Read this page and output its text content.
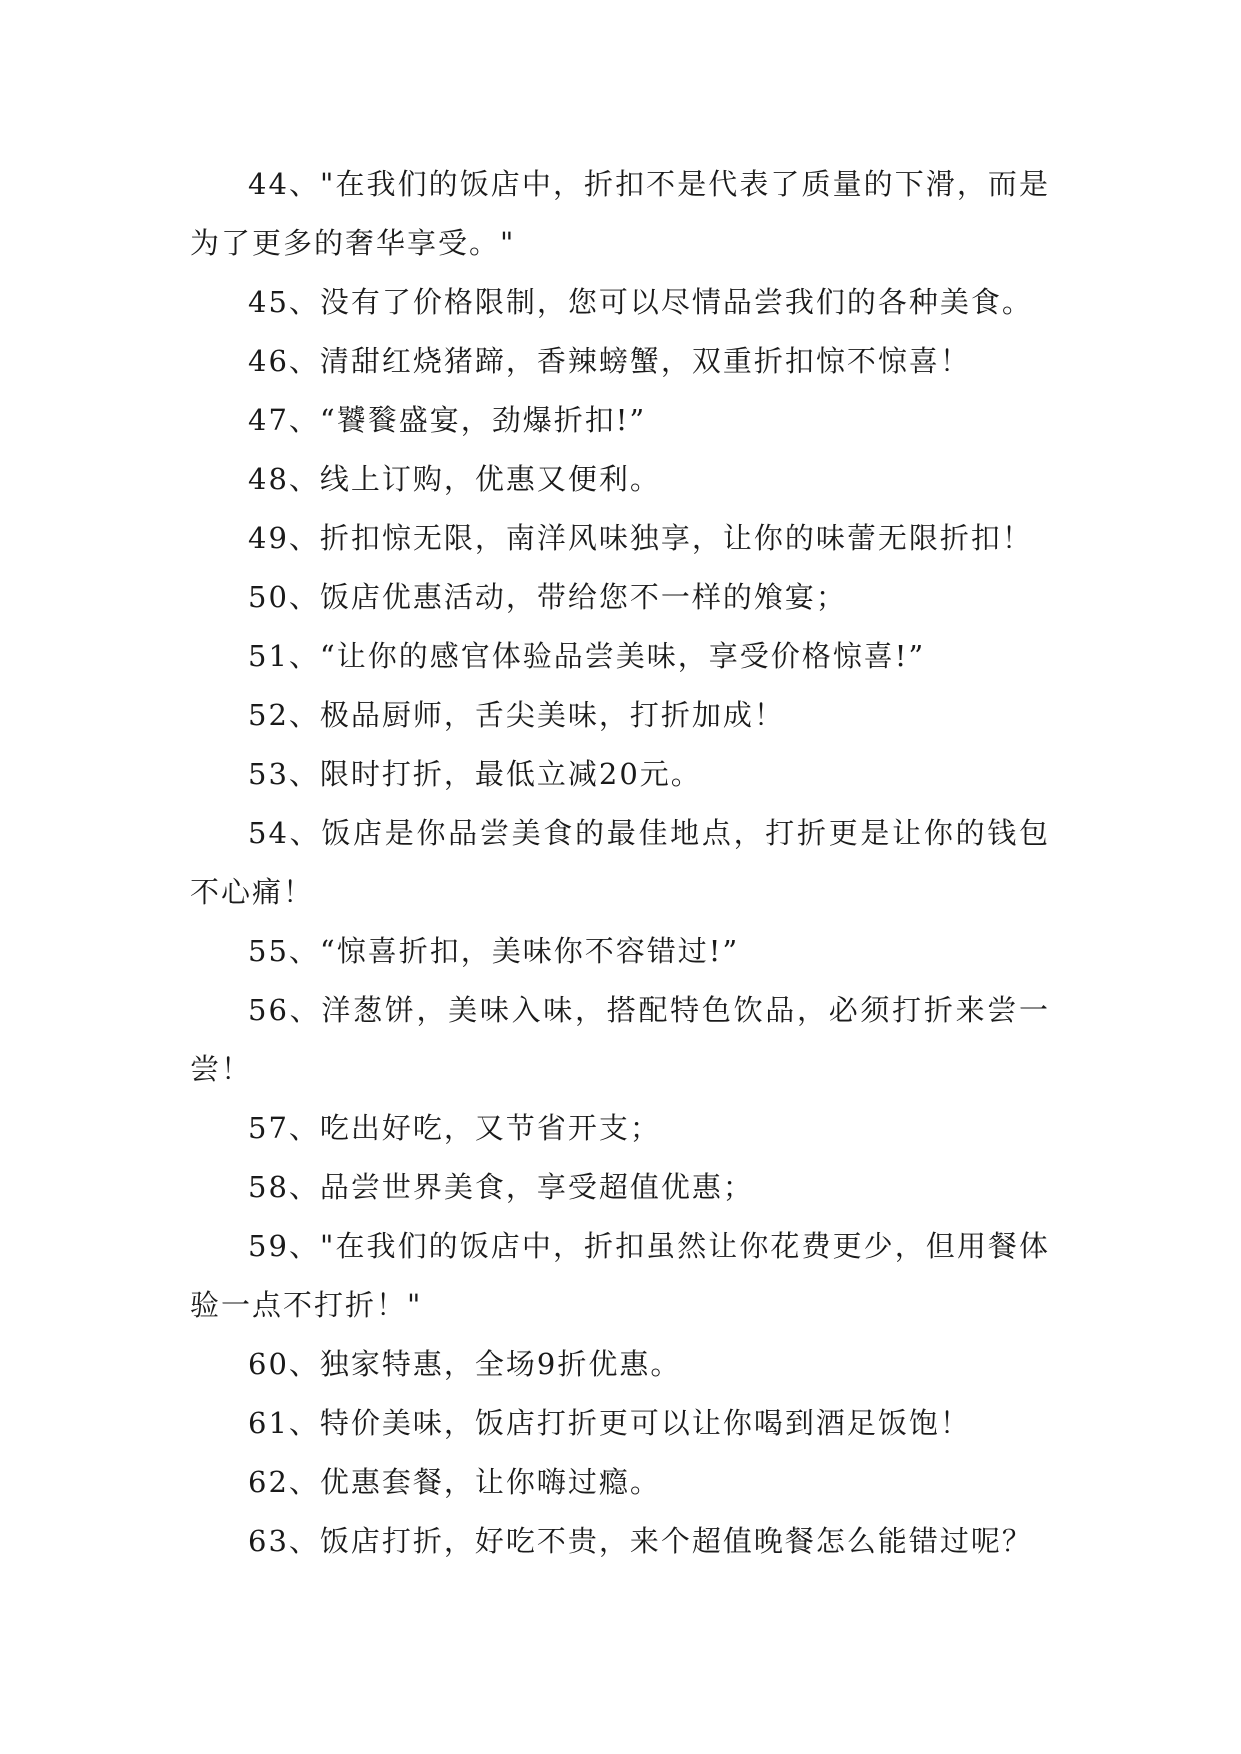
44、"在我们的饭店中，折扣不是代表了质量的下滑，而是为了更多的奢华享受。"

45、没有了价格限制，您可以尽情品尝我们的各种美食。

46、清甜红烧猪蹄，香辣螃蟹，双重折扣惊不惊喜！

47、“饕餮盛宴，劲爆折扣!”

48、线上订购，优惠又便利。

49、折扣惊无限，南洋风味独享，让你的味蕾无限折扣！

50、饭店优惠活动，带给您不一样的飧宴；

51、“让你的感官体验品尝美味，享受价格惊喜!”

52、极品厨师，舌尖美味，打折加成！

53、限时打折，最低立减20元。

54、饭店是你品尝美食的最佳地点，打折更是让你的钱包不心痛！

55、“惊喜折扣，美味你不容错过!”

56、洋葱饼，美味入味，搭配特色饮品，必须打折来尝一尝！

57、吃出好吃，又节省开支；

58、品尝世界美食，享受超值优惠；

59、"在我们的饭店中，折扣虽然让你花费更少，但用餐体验一点不打折！"

60、独家特惠，全场9折优惠。

61、特价美味，饭店打折更可以让你喝到酒足饭饱！

62、优惠套餐，让你嗨过瘾。

63、饭店打折，好吃不贵，来个超值晚餐怎么能错过呢？
